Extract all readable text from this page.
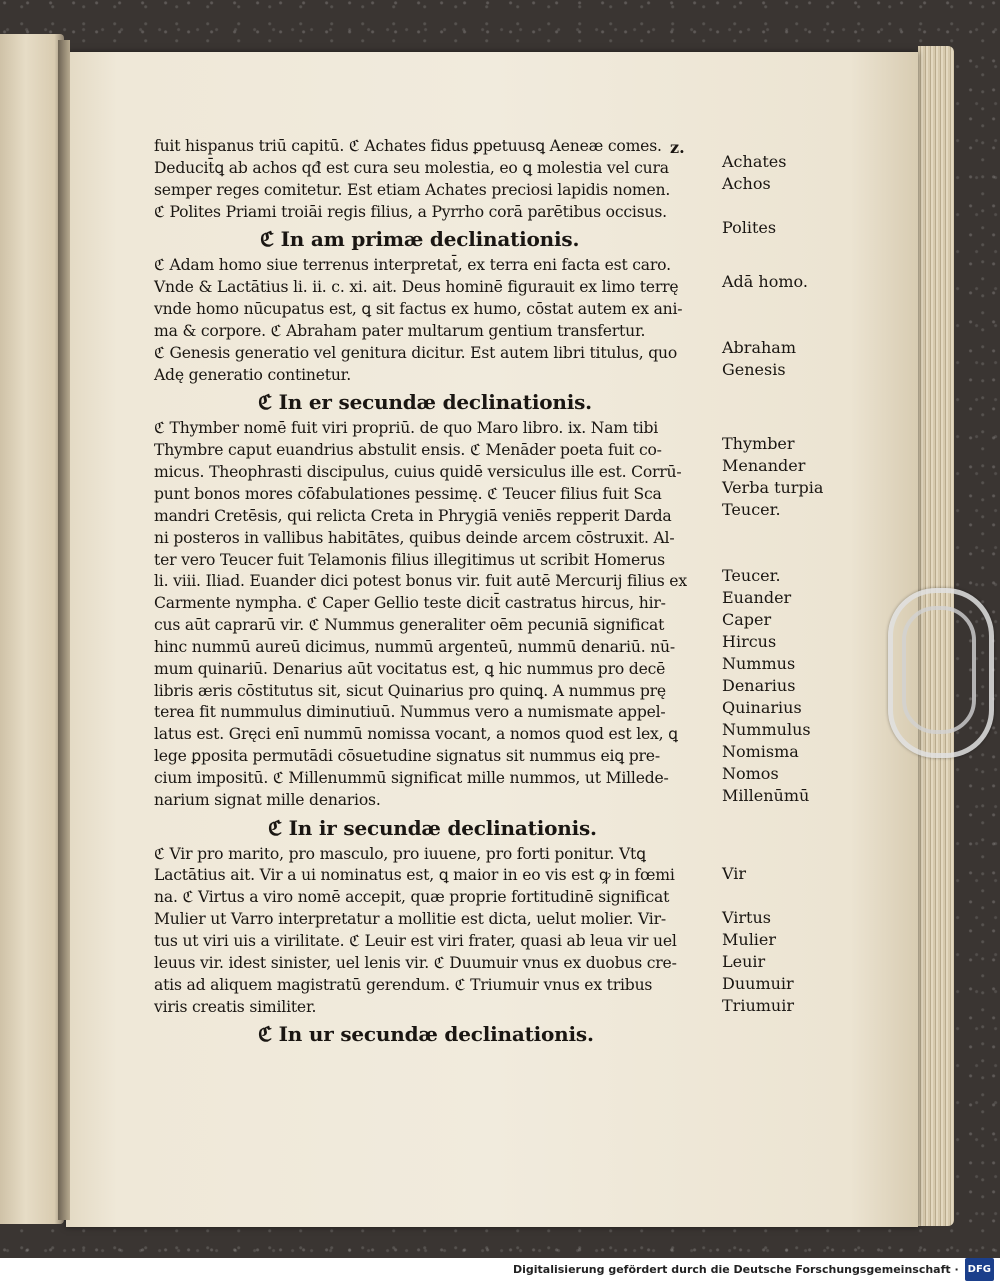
z.
fuit hispanus triū capitū. ℭ Achates fidus ꝑpetuusꝗ Aeneæ comes.
Deducit̄ꝗ ab achos qđ est cura seu molestia, eo ꝗ molestia vel cura
semper reges comitetur. Est etiam Achates preciosi lapidis nomen.
ℭ Polites Priami troiāi regis filius, a Pyrrho corā parētibus occisus.
ℭ In am primæ declinationis.
ℭ Adam homo siue terrenus interpretat̄, ex terra eni facta est caro.
Vnde & Lactātius li. ii. c. xi. ait. Deus hominē figurauit ex limo terrę
vnde homo nūcupatus est, ꝗ sit factus ex humo, cōstat autem ex ani-
ma & corpore. ℭ Abraham pater multarum gentium transfertur.
ℭ Genesis generatio vel genitura dicitur. Est autem libri titulus, quo
Adę generatio continetur.
ℭ In er secundæ declinationis.
ℭ Thymber nomē fuit viri propriū. de quo Maro libro. ix. Nam tibi
Thymbre caput euandrius abstulit ensis. ℭ Menāder poeta fuit co-
micus. Theophrasti discipulus, cuius quidē versiculus ille est. Corrū-
punt bonos mores cōfabulationes pessimę. ℭ Teucer filius fuit Sca
mandri Cretēsis, qui relicta Creta in Phrygiā veniēs repperit Darda
ni posteros in vallibus habitātes, quibus deinde arcem cōstruxit. Al-
ter vero Teucer fuit Telamonis filius illegitimus ut scribit Homerus
li. viii. Iliad. Euander dici potest bonus vir. fuit autē Mercurij filius ex
Carmente nympha. ℭ Caper Gellio teste dicit̄ castratus hircus, hir-
cus aūt caprarū vir. ℭ Nummus generaliter oēm pecuniā significat
hinc nummū aureū dicimus, nummū argenteū, nummū denariū. nū-
mum quinariū. Denarius aūt vocitatus est, ꝗ hic nummus pro decē
libris æris cōstitutus sit, sicut Quinarius pro quinꝗ. A nummus prę
terea fit nummulus diminutiuū. Nummus vero a numismate appel-
latus est. Gręci enī nummū nomissa vocant, a nomos quod est lex, ꝗ
lege ꝑposita permutādi cōsuetudine signatus sit nummus eiꝗ pre-
cium impositū. ℭ Millenummū significat mille nummos, ut Millede-
narium signat mille denarios.
ℭ In ir secundæ declinationis.
ℭ Vir pro marito, pro masculo, pro iuuene, pro forti ponitur. Vtꝗ
Lactātius ait. Vir a ui nominatus est, ꝗ maior in eo vis est ꝙ in fœmi
na. ℭ Virtus a viro nomē accepit, quæ proprie fortitudinē significat
Mulier ut Varro interpretatur a mollitie est dicta, uelut molier. Vir-
tus ut viri uis a virilitate. ℭ Leuir est viri frater, quasi ab leua vir uel
leuus vir. idest sinister, uel lenis vir. ℭ Duumuir vnus ex duobus cre-
atis ad aliquem magistratū gerendum. ℭ Triumuir vnus ex tribus
viris creatis similiter.
ℭ In ur secundæ declinationis.
Achates
Achos
Polites
Adā homo.
Abraham
Genesis
Thymber
Menander
Verba turpia
Teucer.
Teucer.
Euander
Caper
Hircus
Nummus
Denarius
Quinarius
Nummulus
Nomisma
Nomos
Millenūmū
Vir
Virtus
Mulier
Leuir
Duumuir
Triumuir
Digitalisierung gefördert durch die Deutsche Forschungsgemeinschaft · DFG
